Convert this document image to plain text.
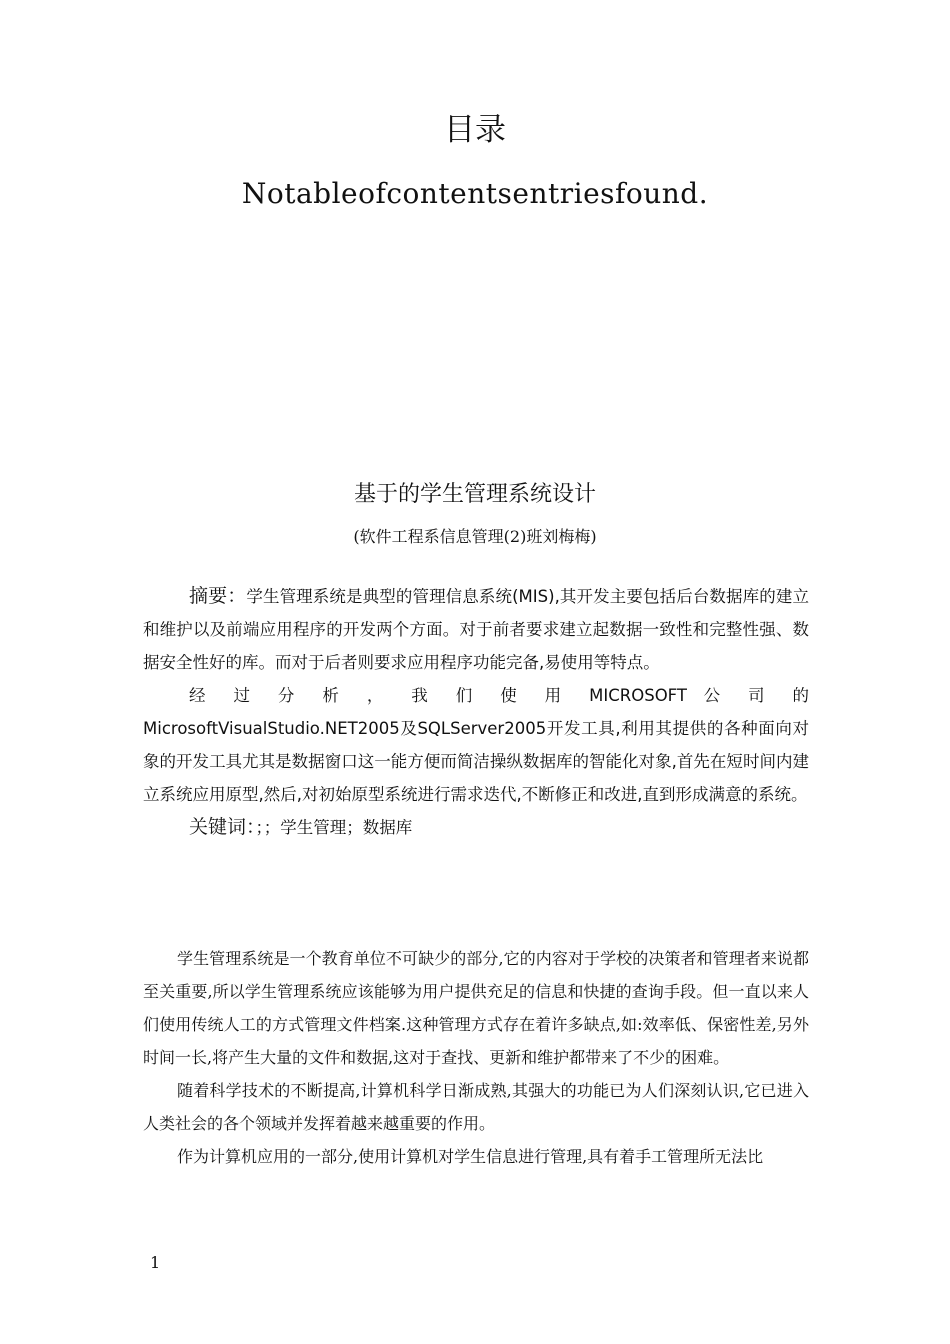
目录
Notableofcontentsentriesfound.
基于的学生管理系统设计
(软件工程系信息管理(2)班刘梅梅)

摘要：学生管理系统是典型的管理信息系统(MIS),其开发主要包括后台数据库的建立和维护以及前端应用程序的开发两个方面。对于前者要求建立起数据一致性和完整性强、数据安全性好的库。而对于后者则要求应用程序功能完备,易使用等特点。

经 过 分 析 ， 我 们 使 用 MICROSOFT 公 司 的

MicrosoftVisualStudio.NET2005及SQLServer2005开发工具,利用其提供的各种面向对象的开发工具尤其是数据窗口这一能方便而简洁操纵数据库的智能化对象,首先在短时间内建立系统应用原型,然后,对初始原型系统进行需求迭代,不断修正和改进,直到形成满意的系统。

关键词：；；学生管理；数据库

学生管理系统是一个教育单位不可缺少的部分,它的内容对于学校的决策者和管理者来说都至关重要,所以学生管理系统应该能够为用户提供充足的信息和快捷的查询手段。但一直以来人们使用传统人工的方式管理文件档案.这种管理方式存在着许多缺点,如:效率低、保密性差,另外时间一长,将产生大量的文件和数据,这对于查找、更新和维护都带来了不少的困难。

随着科学技术的不断提高,计算机科学日渐成熟,其强大的功能已为人们深刻认识,它已进入人类社会的各个领域并发挥着越来越重要的作用。

作为计算机应用的一部分,使用计算机对学生信息进行管理,具有着手工管理所无法比

1
